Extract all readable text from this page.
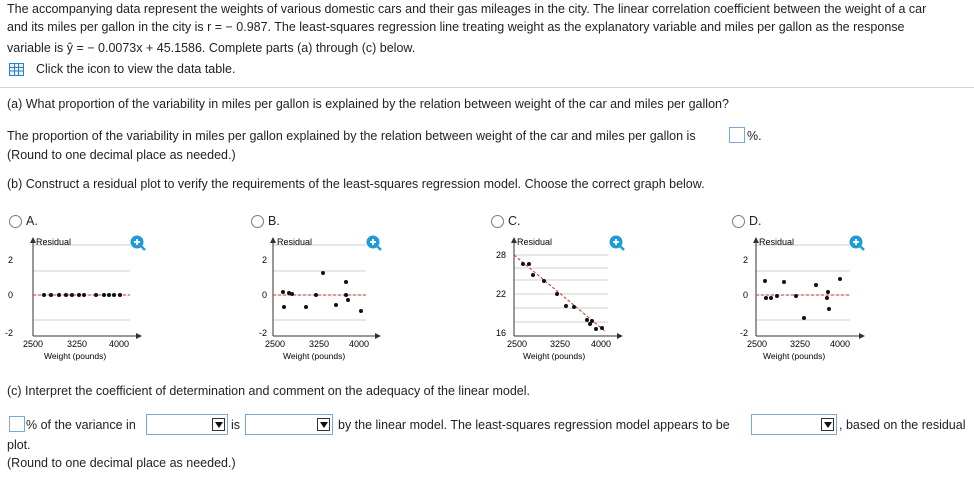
The accompanying data represent the weights of various domestic cars and their gas mileages in the city. The linear correlation coefficient between the weight of a car
and its miles per gallon in the city is r = − 0.987. The least-squares regression line treating weight as the explanatory variable and miles per gallon as the response
variable is ŷ = − 0.0073x + 45.1586. Complete parts (a) through (c) below.
Click the icon to view the data table.
(a) What proportion of the variability in miles per gallon is explained by the relation between weight of the car and miles per gallon?
The proportion of the variability in miles per gallon explained by the relation between weight of the car and miles per gallon is	%.
(Round to one decimal place as needed.)
(b) Construct a residual plot to verify the requirements of the least-squares regression model. Choose the correct graph below.
A.
Residual
2
0
-2
2500	3250 4000
Weight (pounds)
B.
Residual
2
0
-2
2500	3250 4000
Weight (pounds)
C.
Residual
28
22
16
2500	3250 4000
Weight (pounds)
D.
Residual
2
0
-2
2500	3250 4000
Weight (pounds)
(c) Interpret the coefficient of determination and comment on the adequacy of the linear model.
% of the variance in	is	by the linear model. The least-squares regression model appears to be	, based on the residual
plot.
(Round to one decimal place as needed.)
